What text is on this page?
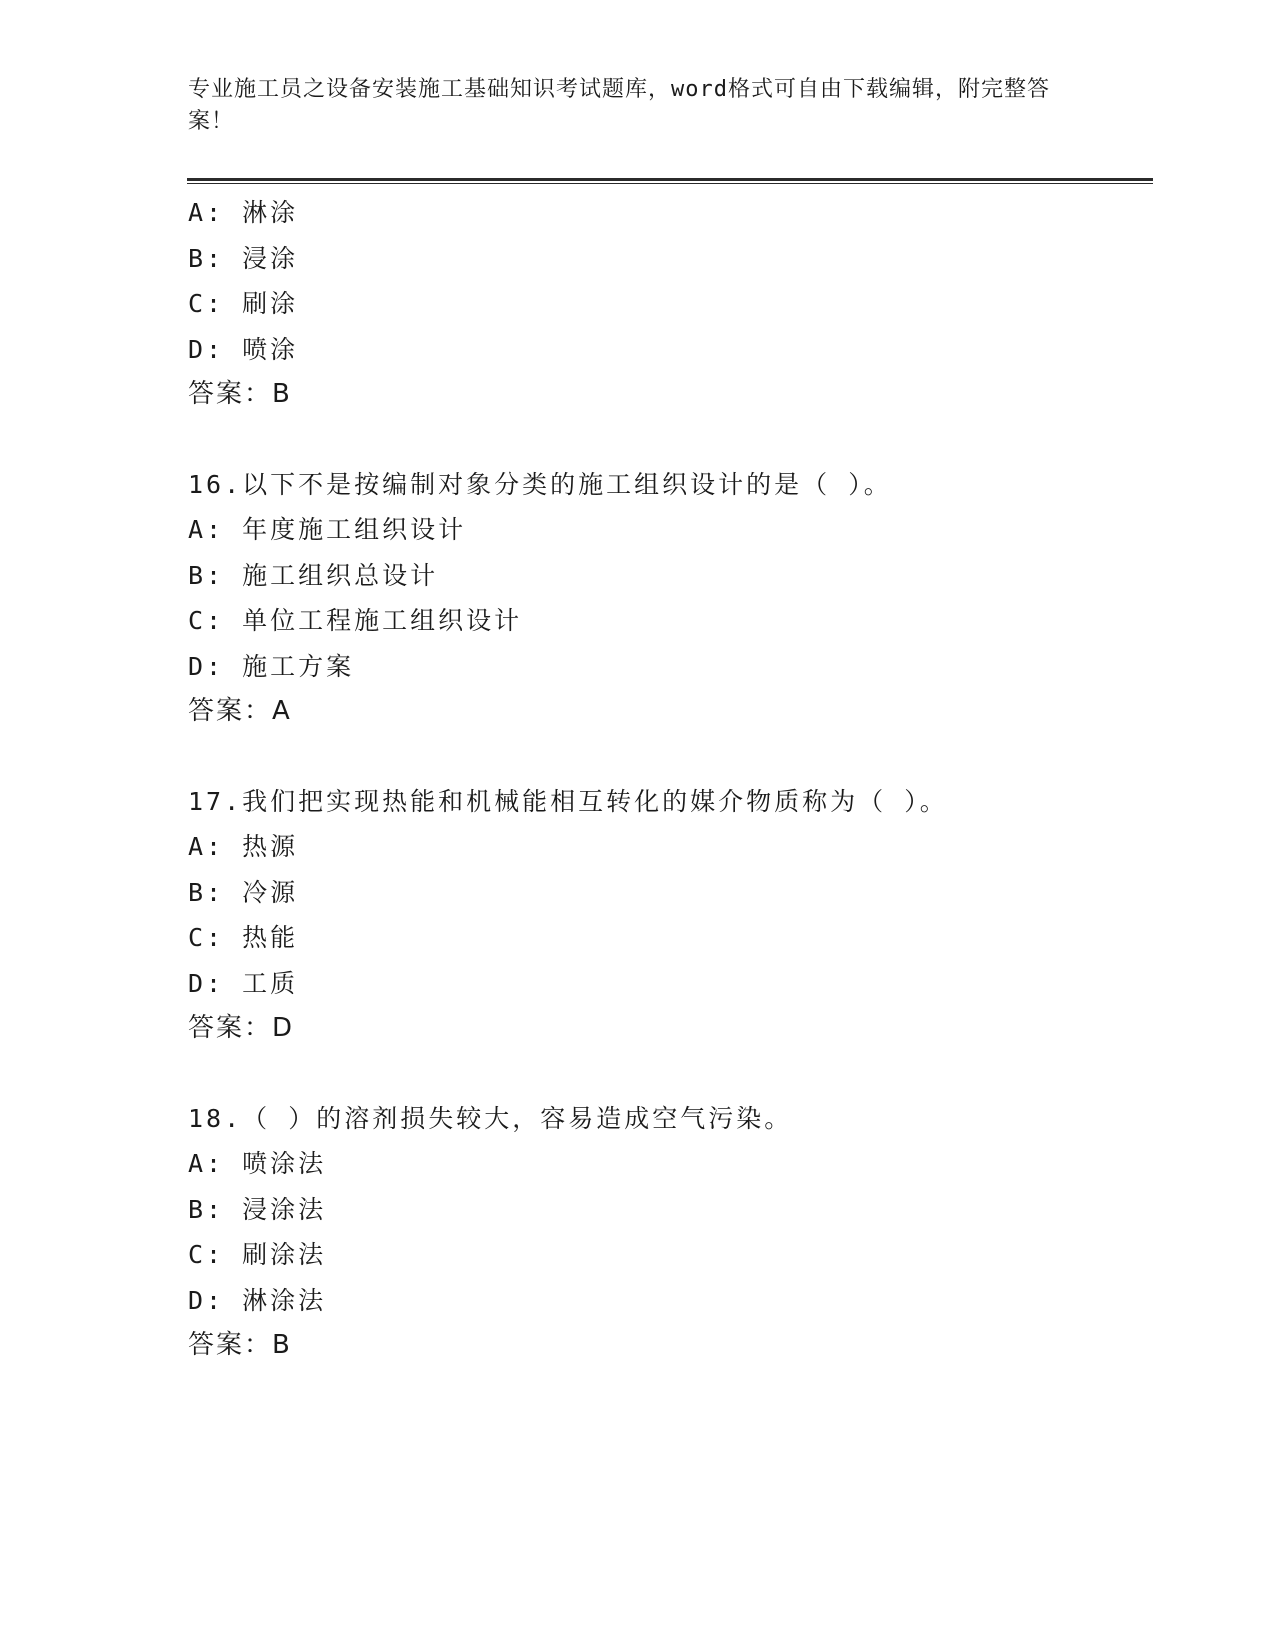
专业施工员之设备安装施工基础知识考试题库，word格式可自由下载编辑，附完整答案！
A: 淋涂
B: 浸涂
C: 刷涂
D: 喷涂
答案：B
16.以下不是按编制对象分类的施工组织设计的是（ ）。
A: 年度施工组织设计
B: 施工组织总设计
C: 单位工程施工组织设计
D: 施工方案
答案：A
17.我们把实现热能和机械能相互转化的媒介物质称为（ ）。
A: 热源
B: 冷源
C: 热能
D: 工质
答案：D
18.（ ）的溶剂损失较大，容易造成空气污染。
A: 喷涂法
B: 浸涂法
C: 刷涂法
D: 淋涂法
答案：B
